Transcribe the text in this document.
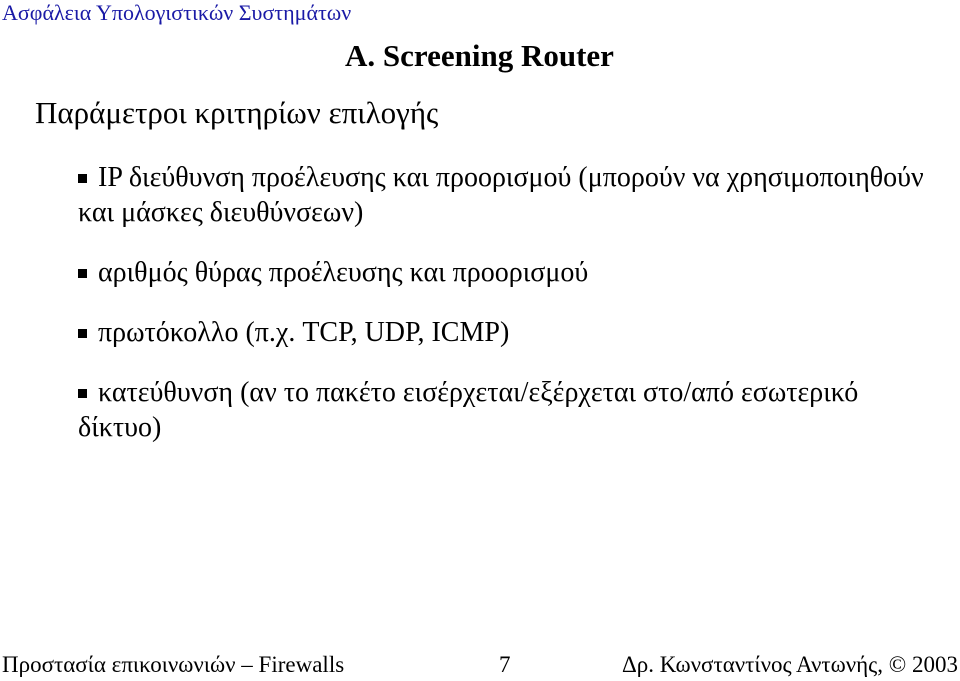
Ασφάλεια Υπολογιστικών Συστημάτων
A. Screening Router
Παράμετροι κριτηρίων επιλογής
IP διεύθυνση προέλευσης και προορισμού (μπορούν να χρησιμοποιηθούν και μάσκες διευθύνσεων)
αριθμός θύρας προέλευσης και προορισμού
πρωτόκολλο (π.χ. TCP, UDP, ICMP)
κατεύθυνση (αν το πακέτο εισέρχεται/εξέρχεται στο/από εσωτερικό δίκτυο)
Προστασία επικοινωνιών – Firewalls	7	Δρ. Κωνσταντίνος Αντωνής, © 2003
